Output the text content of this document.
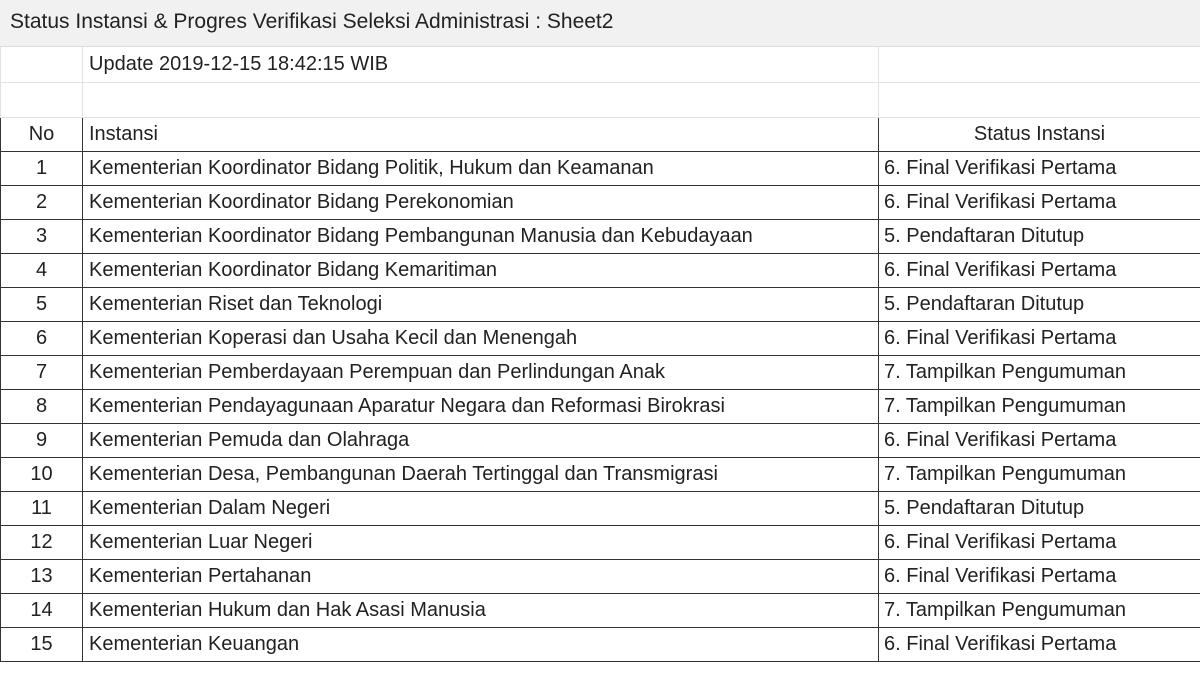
Status Instansi & Progres Verifikasi Seleksi Administrasi : Sheet2
	Update 2019-12-15 18:42:15 WIB	

No	Instansi	Status Instansi
1	Kementerian Koordinator Bidang Politik, Hukum dan Keamanan	6. Final Verifikasi Pertama
2	Kementerian Koordinator Bidang Perekonomian	6. Final Verifikasi Pertama
3	Kementerian Koordinator Bidang Pembangunan Manusia dan Kebudayaan	5. Pendaftaran Ditutup
4	Kementerian Koordinator Bidang Kemaritiman	6. Final Verifikasi Pertama
5	Kementerian Riset dan Teknologi	5. Pendaftaran Ditutup
6	Kementerian Koperasi dan Usaha Kecil dan Menengah	6. Final Verifikasi Pertama
7	Kementerian Pemberdayaan Perempuan dan Perlindungan Anak	7. Tampilkan Pengumuman
8	Kementerian Pendayagunaan Aparatur Negara dan Reformasi Birokrasi	7. Tampilkan Pengumuman
9	Kementerian Pemuda dan Olahraga	6. Final Verifikasi Pertama
10	Kementerian Desa, Pembangunan Daerah Tertinggal dan Transmigrasi	7. Tampilkan Pengumuman
11	Kementerian Dalam Negeri	5. Pendaftaran Ditutup
12	Kementerian Luar Negeri	6. Final Verifikasi Pertama
13	Kementerian Pertahanan	6. Final Verifikasi Pertama
14	Kementerian Hukum dan Hak Asasi Manusia	7. Tampilkan Pengumuman
15	Kementerian Keuangan	6. Final Verifikasi Pertama
